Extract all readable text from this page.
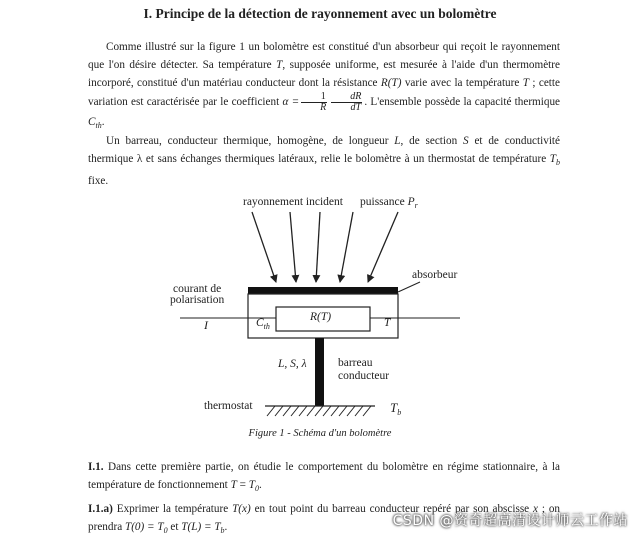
I. Principe de la détection de rayonnement avec un bolomètre
Comme illustré sur la figure 1 un bolomètre est constitué d'un absorbeur qui reçoit le rayonnement que l'on désire détecter. Sa température T, supposée uniforme, est mesurée à l'aide d'un thermomètre incorporé, constitué d'un matériau conducteur dont la résistance R(T) varie avec la température T ; cette variation est caractérisée par le coefficient $\alpha = \frac{1}{R} \frac{dR}{dT}$ . L'ensemble possède la capacité thermique $C_{th}$.
Un barreau, conducteur thermique, homogène, de longueur L, de section S et de conductivité thermique λ et sans échanges thermiques latéraux, relie le bolomètre à un thermostat de température $T_b$ fixe.
rayonnement incident puissance $P_r$
absorbeur
courant de
polarisation
I	$C_{th}$
R(T)	T
L, S, λ	barreau
conducteur
thermostat	$T_b$
Figure 1 - Schéma d'un bolomètre
I.1. Dans cette première partie, on étudie le comportement du bolomètre en régime stationnaire, à la température de fonctionnement $T = T_0$.
I.1.a) Exprimer la température T(x) en tout point du barreau conducteur repéré par son abscisse x ; on prendra $T(0) = T_0$ et $T(L) = T_b$.	CSDN @资奇超高清设计师云工作站
